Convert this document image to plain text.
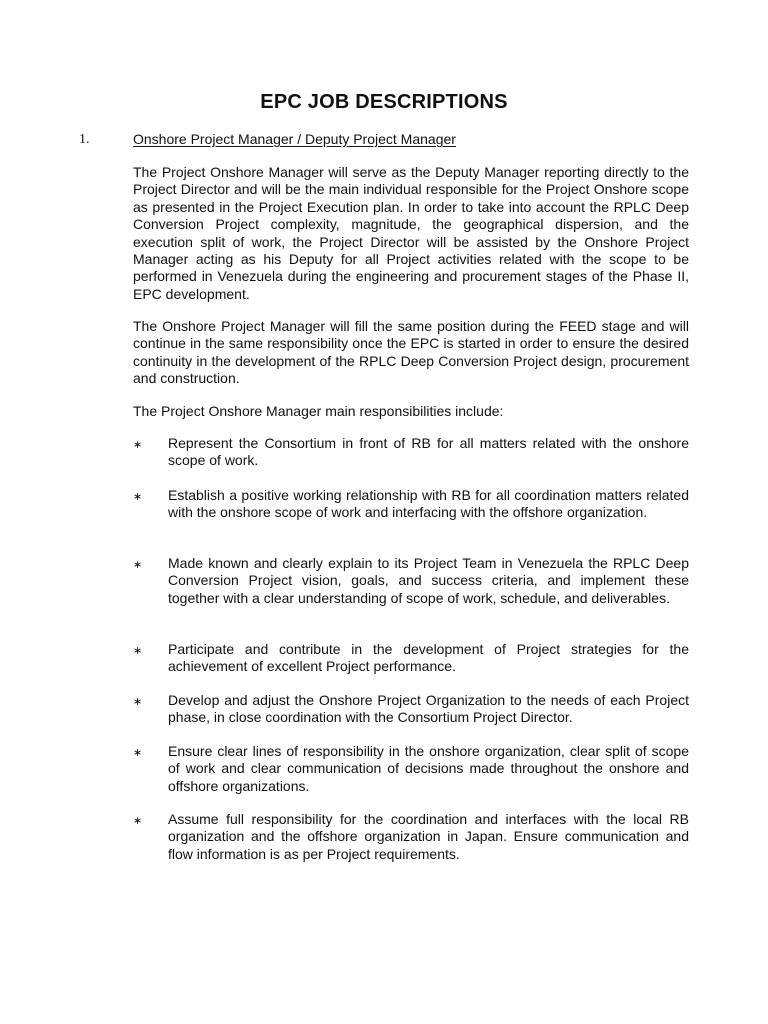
EPC JOB DESCRIPTIONS
1.	Onshore Project Manager / Deputy Project Manager

The Project Onshore Manager will serve as the Deputy Manager reporting directly to the Project Director and will be the main individual responsible for the Project Onshore scope as presented in the Project Execution plan. In order to take into account the RPLC Deep Conversion Project complexity, magnitude, the geographical dispersion, and the execution split of work, the Project Director will be assisted by the Onshore Project Manager acting as his Deputy for all Project activities related with the scope to be performed in Venezuela during the engineering and procurement stages of the Phase II, EPC development.

The Onshore Project Manager will fill the same position during the FEED stage and will continue in the same responsibility once the EPC is started in order to ensure the desired continuity in the development of the RPLC Deep Conversion Project design, procurement and construction.

The Project Onshore Manager main responsibilities include:

∗ Represent the Consortium in front of RB for all matters related with the onshore scope of work.

∗ Establish a positive working relationship with RB for all coordination matters related with the onshore scope of work and interfacing with the offshore organization.

∗ Made known and clearly explain to its Project Team in Venezuela the RPLC Deep Conversion Project vision, goals, and success criteria, and implement these together with a clear understanding of scope of work, schedule, and deliverables.

∗ Participate and contribute in the development of Project strategies for the achievement of excellent Project performance.

∗ Develop and adjust the Onshore Project Organization to the needs of each Project phase, in close coordination with the Consortium Project Director.

∗ Ensure clear lines of responsibility in the onshore organization, clear split of scope of work and clear communication of decisions made throughout the onshore and offshore organizations.

∗ Assume full responsibility for the coordination and interfaces with the local RB organization and the offshore organization in Japan. Ensure communication and flow information is as per Project requirements.
